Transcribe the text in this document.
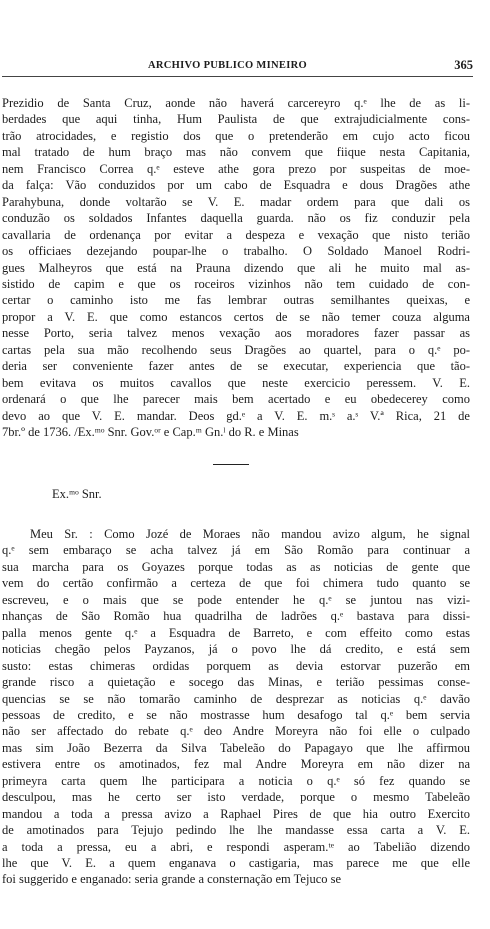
ARCHIVO PUBLICO MINEIRO	365
Prezidio de Santa Cruz, aonde não haverá carcereyro q.ᵉ lhe de as li-
berdades que aqui tinha, Hum Paulista de que extrajudicialmente cons-
trão atrocidades, e registio dos que o pretenderão em cujo acto ficou
mal tratado de hum braço mas não convem que fiique nesta Capitania,
nem Francisco Correa q.ᵉ esteve athe gora prezo por suspeitas de moe-
da falça: Vão conduzidos por um cabo de Esquadra e dous Dragões athe
Parahybuna, donde voltarão se V. E. madar ordem para que dali os
conduzão os soldados Infantes daquella guarda. não os fiz conduzir pela
cavallaria de ordenança por evitar a despeza e vexação que nisto terião
os officiaes dezejando poupar-lhe o trabalho. O Soldado Manoel Rodri-
gues Malheyros que está na Prauna dizendo que ali he muito mal as-
sistido de capim e que os roceiros vizinhos não tem cuidado de con-
certar o caminho isto me fas lembrar outras semilhantes queixas, e
propor a V. E. que como estancos certos de se não temer couza alguma
nesse Porto, seria talvez menos vexação aos moradores fazer passar as
cartas pela sua mão recolhendo seus Dragões ao quartel, para o q.ᵉ po-
deria ser conveniente fazer antes de se executar, experiencia que tão-
bem evitava os muitos cavallos que neste exercicio peressem. V. E.
ordenará o que lhe parecer mais bem acertado e eu obedecerey como
devo ao que V. E. mandar. Deos gd.ᵉ a V. E. m.ˢ a.ˢ V.ª Rica, 21 de
7br.º de 1736. /Ex.ᵐᵒ Snr. Gov.ᵒʳ e Cap.ᵐ Gn.ˡ do R. e Minas
Ex.ᵐᵒ Snr.
Meu Sr. : Como Jozé de Moraes não mandou avizo algum, he signal
q.ᵉ sem embaraço se acha talvez já em São Romão para continuar a
sua marcha para os Goyazes porque todas as as noticias de gente que
vem do certão confirmão a certeza de que foi chimera tudo quanto se
escreveu, e o mais que se pode entender he q.ᵉ se juntou nas vizi-
nhanças de São Romão hua quadrilha de ladrões q.ᵉ bastava para dissi-
palla menos gente q.ᵉ a Esquadra de Barreto, e com effeito como estas
noticias chegão pelos Payzanos, já o povo lhe dá credito, e está sem
susto: estas chimeras ordidas porquem as devia estorvar puzerão em
grande risco a quietação e socego das Minas, e terião pessimas conse-
quencias se se não tomarão caminho de desprezar as noticias q.ᵉ davão
pessoas de credito, e se não mostrasse hum desafogo tal q.ᵉ bem servia
não ser affectado do rebate q.ᵉ deo Andre Moreyra não foi elle o culpado
mas sim João Bezerra da Silva Tabeleão do Papagayo que lhe affirmou
estivera entre os amotinados, fez mal Andre Moreyra em não dizer na
primeyra carta quem lhe participara a noticia o q.ᵉ só fez quando se
desculpou, mas he certo ser isto verdade, porque o mesmo Tabeleão
mandou a toda a pressa avizo a Raphael Pires de que hia outro Exercito
de amotinados para Tejujo pedindo lhe lhe mandasse essa carta a V. E.
a toda a pressa, eu a abri, e respondi asperam.ᵗᵉ ao Tabelião dizendo
lhe que V. E. a quem enganava o castigaria, mas parece me que elle
foi suggerido e enganado: seria grande a consternação em Tejuco se
